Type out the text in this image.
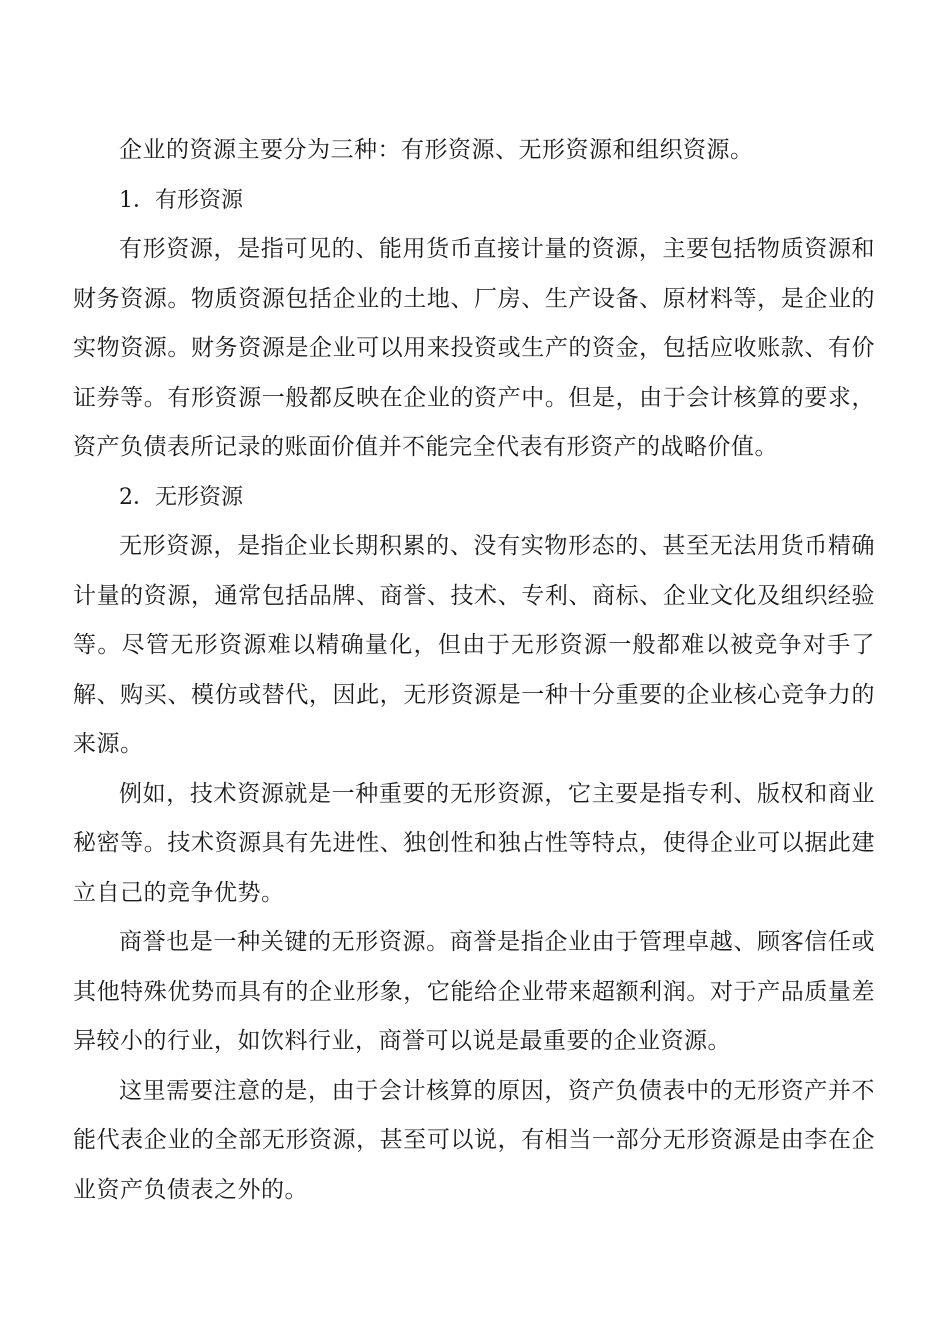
企业的资源主要分为三种：有形资源、无形资源和组织资源。

1．有形资源

有形资源，是指可见的、能用货币直接计量的资源，主要包括物质资源和财务资源。物质资源包括企业的土地、厂房、生产设备、原材料等，是企业的实物资源。财务资源是企业可以用来投资或生产的资金，包括应收账款、有价证券等。有形资源一般都反映在企业的资产中。但是，由于会计核算的要求，资产负债表所记录的账面价值并不能完全代表有形资产的战略价值。

2．无形资源

无形资源，是指企业长期积累的、没有实物形态的、甚至无法用货币精确计量的资源，通常包括品牌、商誉、技术、专利、商标、企业文化及组织经验等。尽管无形资源难以精确量化，但由于无形资源一般都难以被竞争对手了解、购买、模仿或替代，因此，无形资源是一种十分重要的企业核心竞争力的来源。

例如，技术资源就是一种重要的无形资源，它主要是指专利、版权和商业秘密等。技术资源具有先进性、独创性和独占性等特点，使得企业可以据此建立自己的竞争优势。

商誉也是一种关键的无形资源。商誉是指企业由于管理卓越、顾客信任或其他特殊优势而具有的企业形象，它能给企业带来超额利润。对于产品质量差异较小的行业，如饮料行业，商誉可以说是最重要的企业资源。

这里需要注意的是，由于会计核算的原因，资产负债表中的无形资产并不能代表企业的全部无形资源，甚至可以说，有相当一部分无形资源是由李在企业资产负债表之外的。
